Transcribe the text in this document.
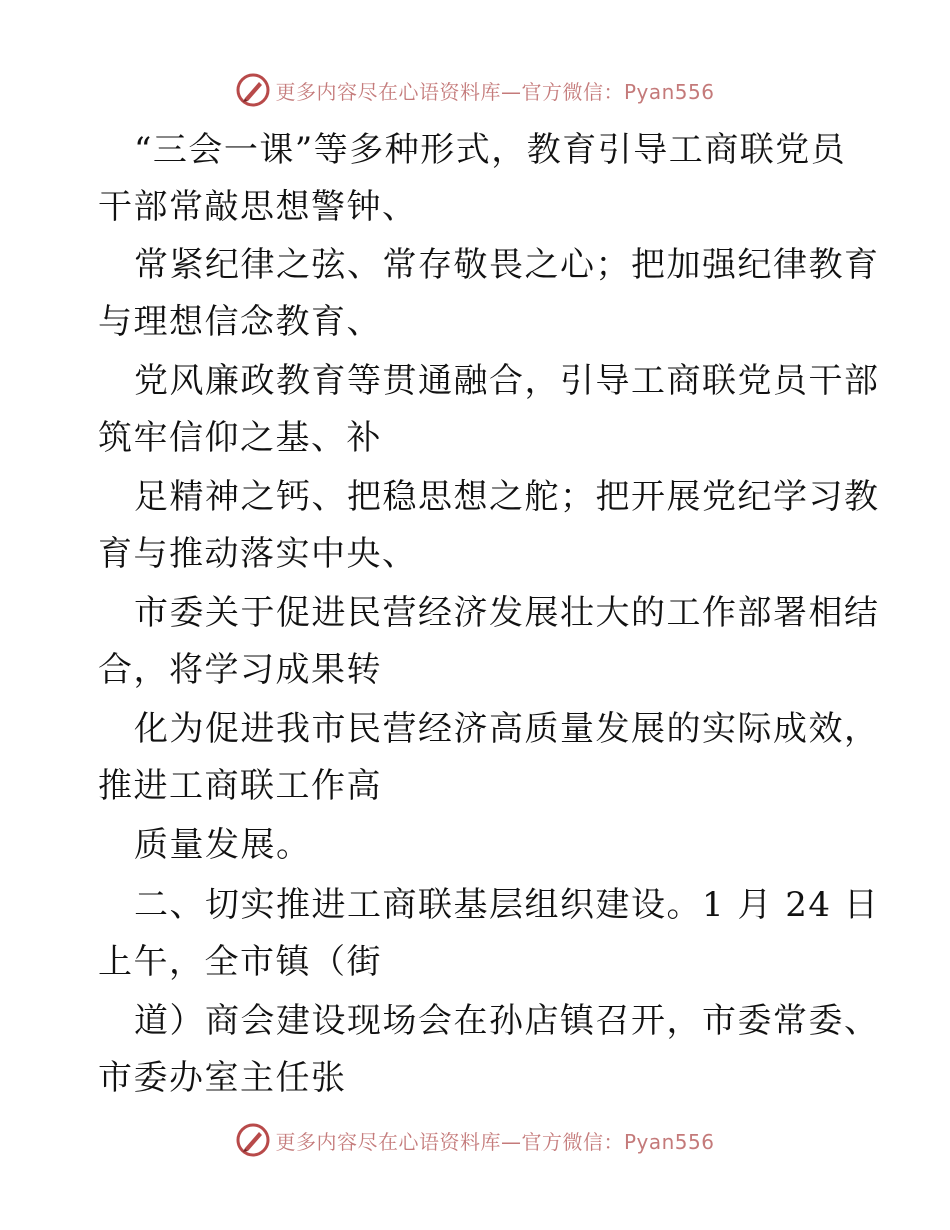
更多内容尽在心语资料库—官方微信：Pyan556
“三会一课”等多种形式，教育引导工商联党员
干部常敲思想警钟、
常紧纪律之弦、常存敬畏之心；把加强纪律教育
与理想信念教育、
党风廉政教育等贯通融合，引导工商联党员干部
筑牢信仰之基、补
足精神之钙、把稳思想之舵；把开展党纪学习教
育与推动落实中央、
市委关于促进民营经济发展壮大的工作部署相结
合，将学习成果转
化为促进我市民营经济高质量发展的实际成效，
推进工商联工作高
质量发展。
二、切实推进工商联基层组织建设。1 月 24 日
上午，全市镇（街
道）商会建设现场会在孙店镇召开，市委常委、
市委办室主任张
更多内容尽在心语资料库—官方微信：Pyan556
